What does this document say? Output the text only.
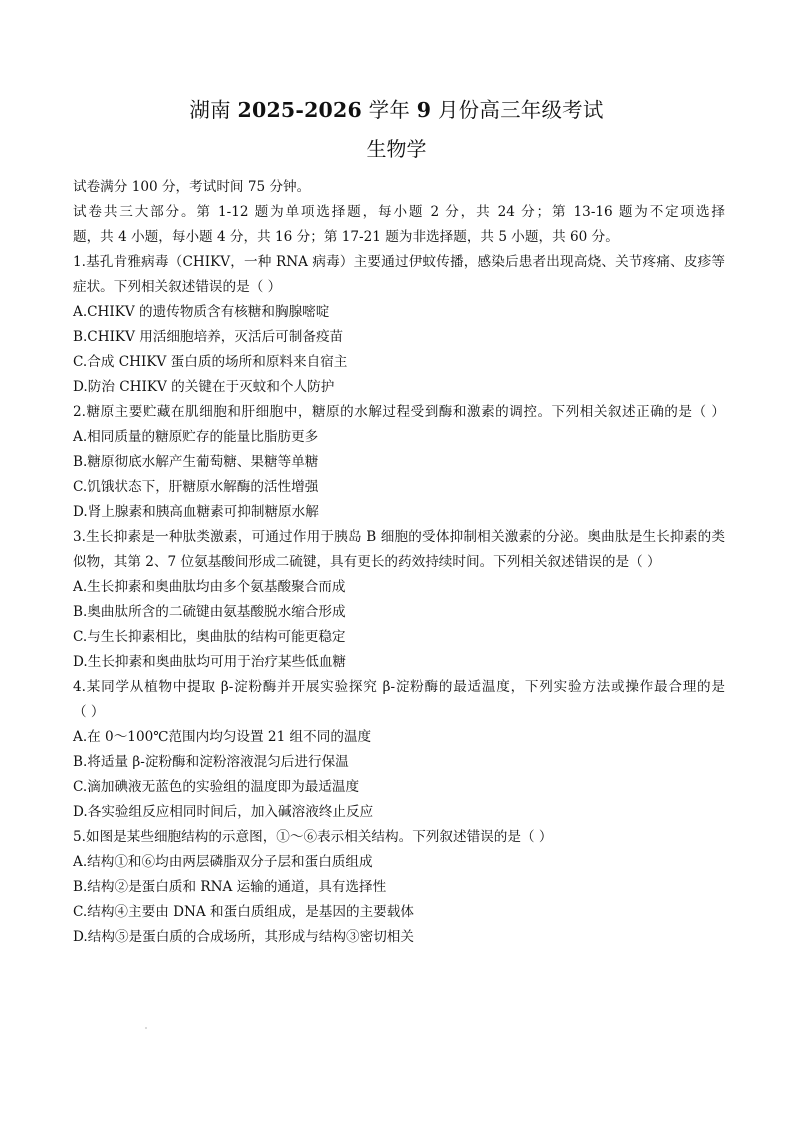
湖南 2025-2026 学年 9 月份高三年级考试
生物学
试卷满分 100 分，考试时间 75 分钟。
试卷共三大部分。第 1-12 题为单项选择题，每小题 2 分，共 24 分；第 13-16 题为不定项选择
题，共 4 小题，每小题 4 分，共 16 分；第 17-21 题为非选择题，共 5 小题，共 60 分。
1.基孔肯雅病毒（CHIKV，一种 RNA 病毒）主要通过伊蚊传播，感染后患者出现高烧、关节疼痛、皮疹等
症状。下列相关叙述错误的是（ ）
A.CHIKV 的遗传物质含有核糖和胸腺嘧啶
B.CHIKV 用活细胞培养，灭活后可制备疫苗
C.合成 CHIKV 蛋白质的场所和原料来自宿主
D.防治 CHIKV 的关键在于灭蚊和个人防护
2.糖原主要贮藏在肌细胞和肝细胞中，糖原的水解过程受到酶和激素的调控。下列相关叙述正确的是（ ）
A.相同质量的糖原贮存的能量比脂肪更多
B.糖原彻底水解产生葡萄糖、果糖等单糖
C.饥饿状态下，肝糖原水解酶的活性增强
D.肾上腺素和胰高血糖素可抑制糖原水解
3.生长抑素是一种肽类激素，可通过作用于胰岛 B 细胞的受体抑制相关激素的分泌。奥曲肽是生长抑素的类
似物，其第 2、7 位氨基酸间形成二硫键，具有更长的药效持续时间。下列相关叙述错误的是（ ）
A.生长抑素和奥曲肽均由多个氨基酸聚合而成
B.奥曲肽所含的二硫键由氨基酸脱水缩合形成
C.与生长抑素相比，奥曲肽的结构可能更稳定
D.生长抑素和奥曲肽均可用于治疗某些低血糖
4.某同学从植物中提取 β-淀粉酶并开展实验探究 β-淀粉酶的最适温度，下列实验方法或操作最合理的是
（ ）
A.在 0～100℃范围内均匀设置 21 组不同的温度
B.将适量 β-淀粉酶和淀粉溶液混匀后进行保温
C.滴加碘液无蓝色的实验组的温度即为最适温度
D.各实验组反应相同时间后，加入碱溶液终止反应
5.如图是某些细胞结构的示意图，①～⑥表示相关结构。下列叙述错误的是（ ）
A.结构①和⑥均由两层磷脂双分子层和蛋白质组成
B.结构②是蛋白质和 RNA 运输的通道，具有选择性
C.结构④主要由 DNA 和蛋白质组成，是基因的主要载体
D.结构⑤是蛋白质的合成场所，其形成与结构③密切相关
